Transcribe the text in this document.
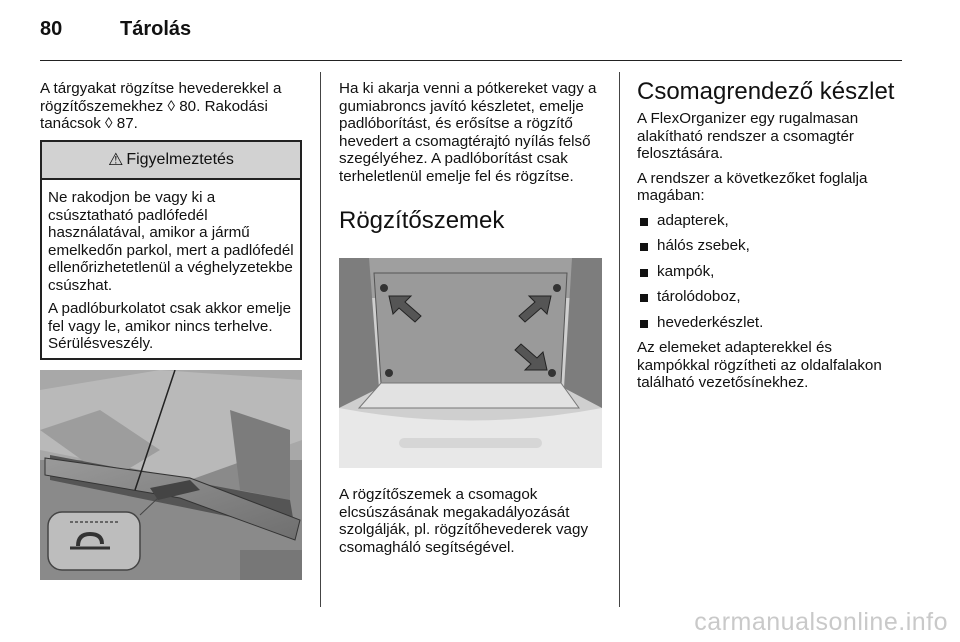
80	Tárolás

A tárgyakat rögzítse hevederekkel a rögzítőszemekhez ◊ 80. Rakodási tanácsok ◊ 87.

⚠ Figyelmeztetés

Ne rakodjon be vagy ki a csúsztatható padlófedél használatával, amikor a jármű emelkedőn parkol, mert a padlófedél ellenőrizhetetlenül a véghelyzetekbe csúszhat.

A padlóburkolatot csak akkor emelje fel vagy le, amikor nincs terhelve. Sérülésveszély.

Ha ki akarja venni a pótkereket vagy a gumiabroncs javító készletet, emelje padlóborítást, és erősítse a rögzítő hevedert a csomagtérajtó nyílás felső szegélyéhez. A padlóborítást csak terheletlenül emelje fel és rögzítse.

Rögzítőszemek

A rögzítőszemek a csomagok elcsúszásának megakadályozását szolgálják, pl. rögzítőhevederek vagy csomagháló segítségével.

Csomagrendező készlet

A FlexOrganizer egy rugalmasan alakítható rendszer a csomagtér felosztására.

A rendszer a következőket foglalja magában:

adapterek,
hálós zsebek,
kampók,
tárolódoboz,
hevederkészlet.

Az elemeket adapterekkel és kampókkal rögzítheti az oldalfalakon található vezetősínekhez.

carmanualsonline.info
